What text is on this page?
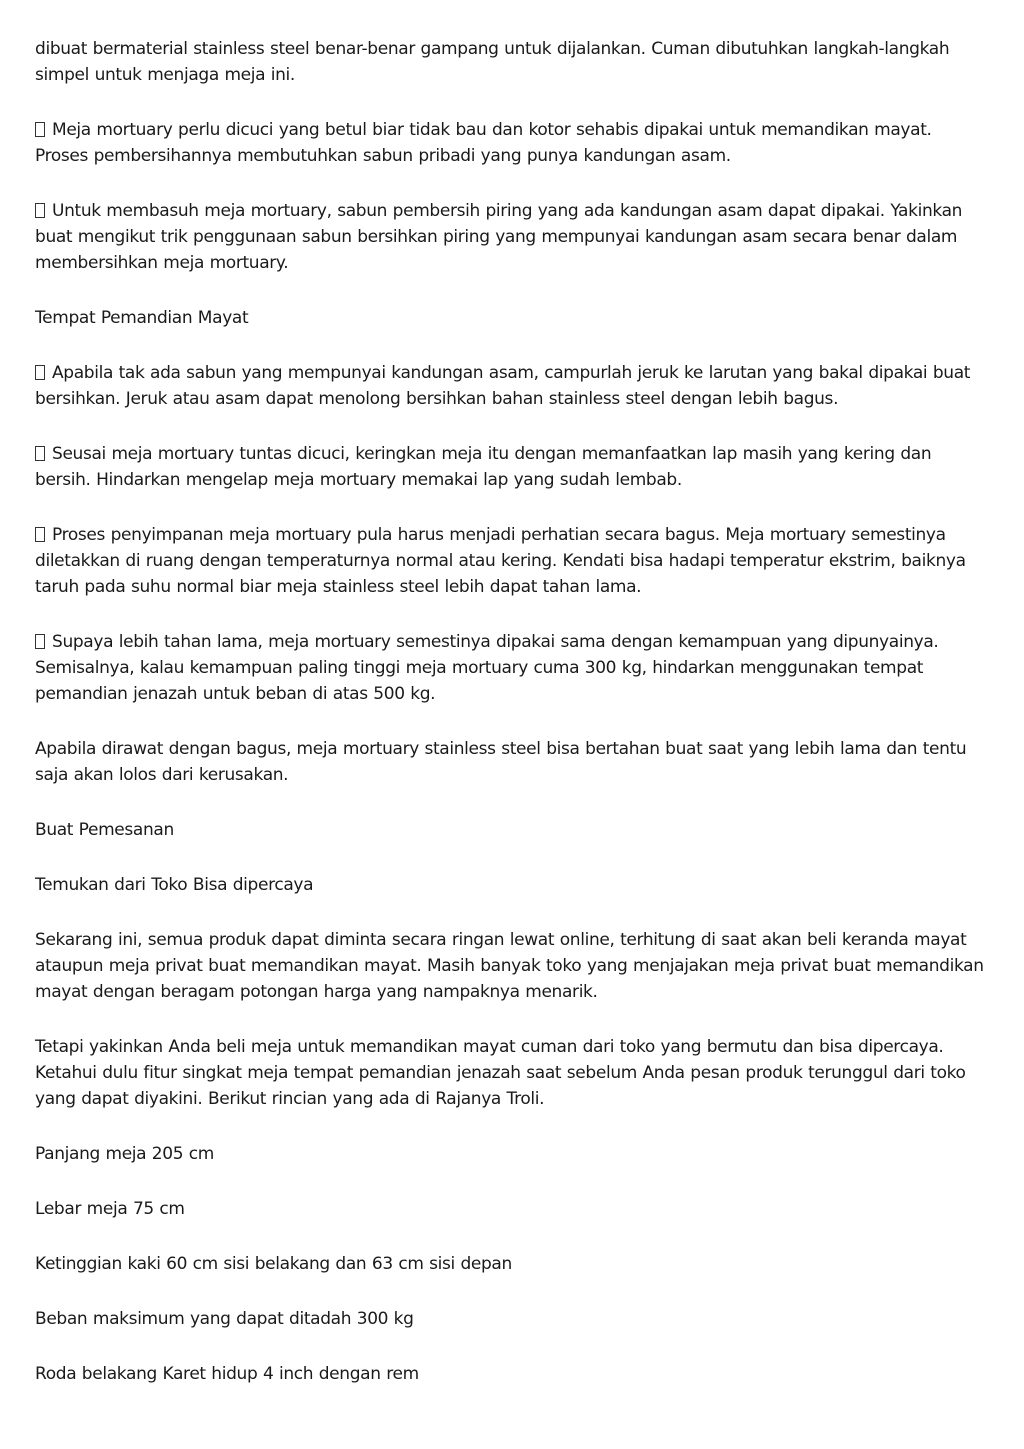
dibuat bermaterial stainless steel benar-benar gampang untuk dijalankan. Cuman dibutuhkan langkah-langkah simpel untuk menjaga meja ini.

Meja mortuary perlu dicuci yang betul biar tidak bau dan kotor sehabis dipakai untuk memandikan mayat. Proses pembersihannya membutuhkan sabun pribadi yang punya kandungan asam.

Untuk membasuh meja mortuary, sabun pembersih piring yang ada kandungan asam dapat dipakai. Yakinkan buat mengikut trik penggunaan sabun bersihkan piring yang mempunyai kandungan asam secara benar dalam membersihkan meja mortuary.

Tempat Pemandian Mayat

Apabila tak ada sabun yang mempunyai kandungan asam, campurlah jeruk ke larutan yang bakal dipakai buat bersihkan. Jeruk atau asam dapat menolong bersihkan bahan stainless steel dengan lebih bagus.

Seusai meja mortuary tuntas dicuci, keringkan meja itu dengan memanfaatkan lap masih yang kering dan bersih. Hindarkan mengelap meja mortuary memakai lap yang sudah lembab.

Proses penyimpanan meja mortuary pula harus menjadi perhatian secara bagus. Meja mortuary semestinya diletakkan di ruang dengan temperaturnya normal atau kering. Kendati bisa hadapi temperatur ekstrim, baiknya taruh pada suhu normal biar meja stainless steel lebih dapat tahan lama.

Supaya lebih tahan lama, meja mortuary semestinya dipakai sama dengan kemampuan yang dipunyainya. Semisalnya, kalau kemampuan paling tinggi meja mortuary cuma 300 kg, hindarkan menggunakan tempat pemandian jenazah untuk beban di atas 500 kg.

Apabila dirawat dengan bagus, meja mortuary stainless steel bisa bertahan buat saat yang lebih lama dan tentu saja akan lolos dari kerusakan.

Buat Pemesanan

Temukan dari Toko Bisa dipercaya

Sekarang ini, semua produk dapat diminta secara ringan lewat online, terhitung di saat akan beli keranda mayat ataupun meja privat buat memandikan mayat. Masih banyak toko yang menjajakan meja privat buat memandikan mayat dengan beragam potongan harga yang nampaknya menarik.

Tetapi yakinkan Anda beli meja untuk memandikan mayat cuman dari toko yang bermutu dan bisa dipercaya. Ketahui dulu fitur singkat meja tempat pemandian jenazah saat sebelum Anda pesan produk terunggul dari toko yang dapat diyakini. Berikut rincian yang ada di Rajanya Troli.

Panjang meja 205 cm

Lebar meja 75 cm

Ketinggian kaki 60 cm sisi belakang dan 63 cm sisi depan

Beban maksimum yang dapat ditadah 300 kg

Roda belakang Karet hidup 4 inch dengan rem
